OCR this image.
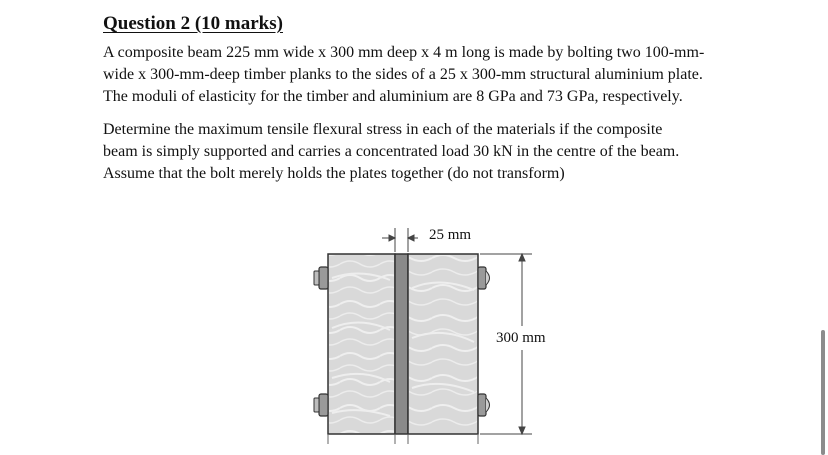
Question 2 (10 marks)

A composite beam 225 mm wide x 300 mm deep x 4 m long is made by bolting two 100-mm-
wide x 300-mm-deep timber planks to the sides of a 25 x 300-mm structural aluminium plate.
The moduli of elasticity for the timber and aluminium are 8 GPa and 73 GPa, respectively.

Determine the maximum tensile flexural stress in each of the materials if the composite
beam is simply supported and carries a concentrated load 30 kN in the centre of the beam.
Assume that the bolt merely holds the plates together (do not transform)

25 mm
300 mm
